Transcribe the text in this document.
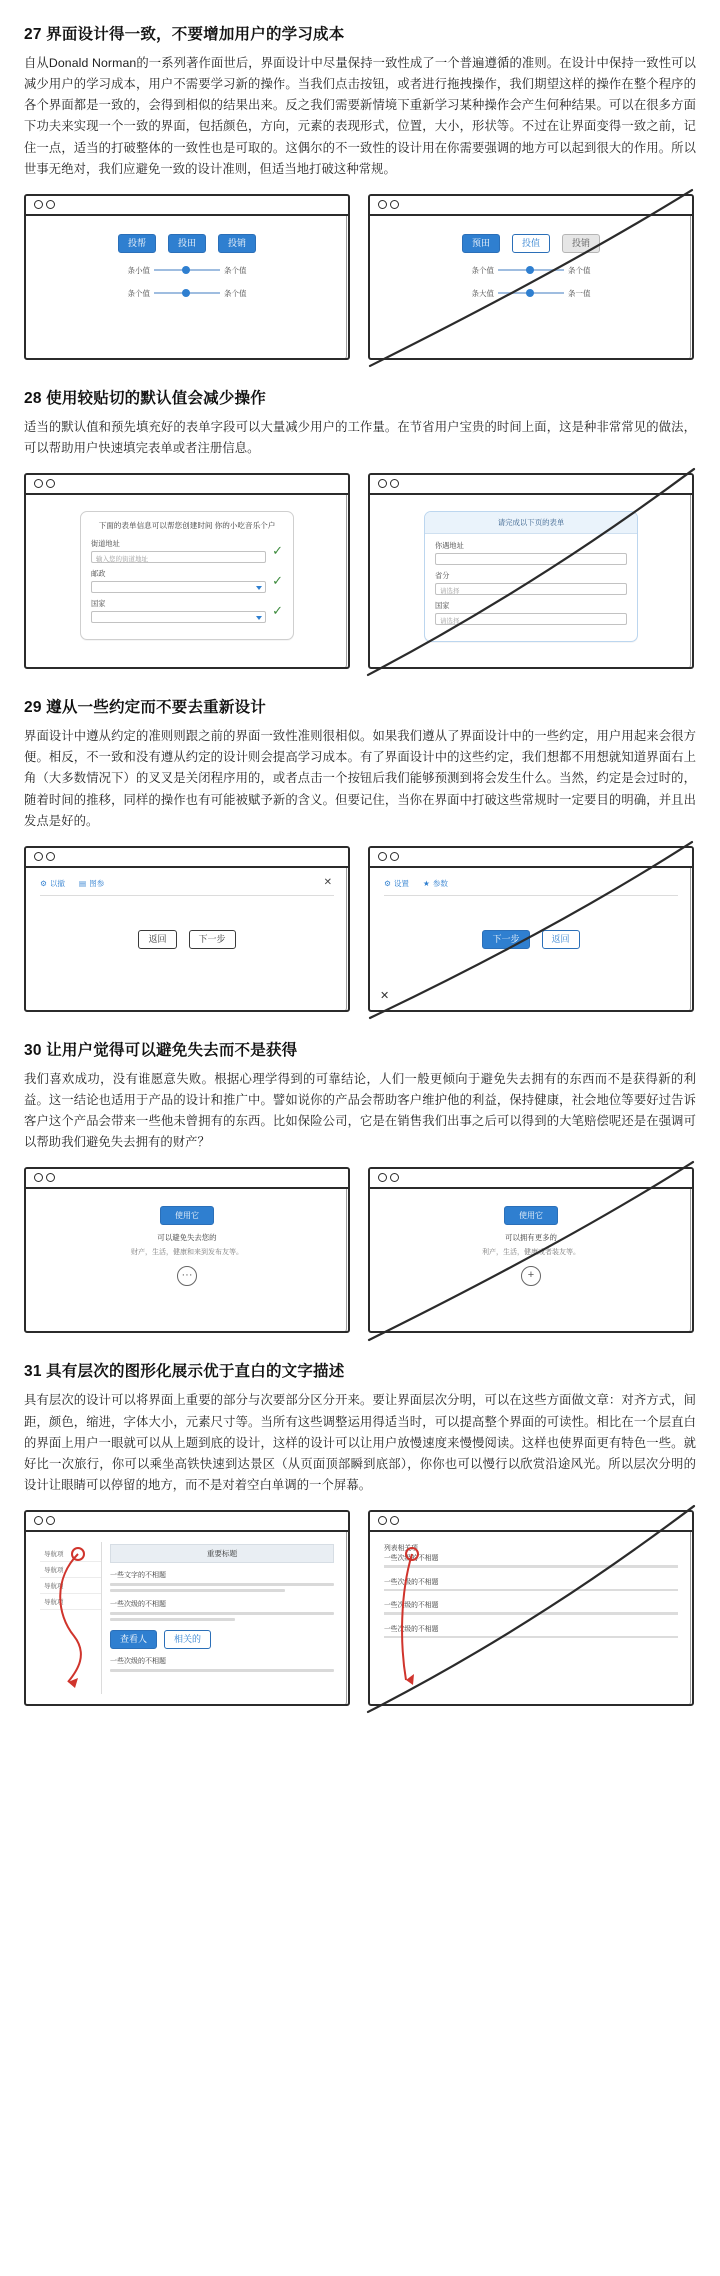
27 界面设计得一致，不要增加用户的学习成本

自从Donald Norman的一系列著作面世后，界面设计中尽量保持一致性成了一个普遍遵循的准则。在设计中保持一致性可以减少用户的学习成本，用户不需要学习新的操作。当我们点击按钮，或者进行拖拽操作，我们期望这样的操作在整个程序的各个界面都是一致的，会得到相似的结果出来。反之我们需要新情境下重新学习某种操作会产生何种结果。可以在很多方面下功夫来实现一个一致的界面，包括颜色，方向，元素的表现形式，位置，大小，形状等。不过在让界面变得一致之前，记住一点，适当的打破整体的一致性也是可取的。这偶尔的不一致性的设计用在你需要强调的地方可以起到很大的作用。所以世事无绝对，我们应避免一致的设计准则，但适当地打破这种常规。

投帮	投田	投销
条小值	条个值
条个值	条个值
预田	投值	投销
条个值	条个值
条大值	条一值
28 使用较贴切的默认值会减少操作

适当的默认值和预先填充好的表单字段可以大量减少用户的工作量。在节省用户宝贵的时间上面，这是种非常常见的做法，可以帮助用户快速填完表单或者注册信息。

下面的表单信息可以帮您创建时间 你的小吃音乐个户
街道地址
输入您的街道地址
✓
邮政	✓
国家	✓
请完成以下页的表单
你遇地址
省分
请选择
国家
请选择
29 遵从一些约定而不要去重新设计

界面设计中遵从约定的准则则跟之前的界面一致性准则很相似。如果我们遵从了界面设计中的一些约定，用户用起来会很方便。相反，不一致和没有遵从约定的设计则会提高学习成本。有了界面设计中的这些约定，我们想都不用想就知道界面右上角（大多数情况下）的叉叉是关闭程序用的，或者点击一个按钮后我们能够预测到将会发生什么。当然，约定是会过时的，随着时间的推移，同样的操作也有可能被赋予新的含义。但要记住，当你在界面中打破这些常规时一定要目的明确，并且出发点是好的。

⚙ 以撤 ▤ 图参	✕
返回	下一步
⚙ 设置 ★ 参数
下一步	返回
✕
30 让用户觉得可以避免失去而不是获得

我们喜欢成功，没有谁愿意失败。根据心理学得到的可靠结论，人们一般更倾向于避免失去拥有的东西而不是获得新的利益。这一结论也适用于产品的设计和推广中。譬如说你的产品会帮助客户维护他的利益，保持健康，社会地位等要好过告诉客户这个产品会带来一些他未曾拥有的东西。比如保险公司，它是在销售我们出事之后可以得到的大笔赔偿呢还是在强调可以帮助我们避免失去拥有的财产？

使用它
可以避免失去您的
财产，生活，健康和来到发布友等。
···
使用它
可以拥有更多的
利产，生活，健康或者装友等。
+
31 具有层次的图形化展示优于直白的文字描述

具有层次的设计可以将界面上重要的部分与次要部分区分开来。要让界面层次分明，可以在这些方面做文章：对齐方式，间距，颜色，缩进，字体大小，元素尺寸等。当所有这些调整运用得适当时，可以提高整个界面的可读性。相比在一个层直白的界面上用户一眼就可以从上题到底的设计，这样的设计可以让用户放慢速度来慢慢阅读。这样也使界面更有特色一些。就好比一次旅行，你可以乘坐高铁快速到达景区（从页面顶部瞬到底部），你你也可以慢行以欣赏沿途风光。所以层次分明的设计让眼睛可以停留的地方，而不是对着空白单调的一个屏幕。

导航项
导航项
导航项
导航项
重要标题
一些文字的不相题
一些次级的不相题
查看人	相关的
一些次级的不相题
列表相关项
一些次级的不相题
一些次级的不相题
一些次级的不相题
一些次级的不相题
